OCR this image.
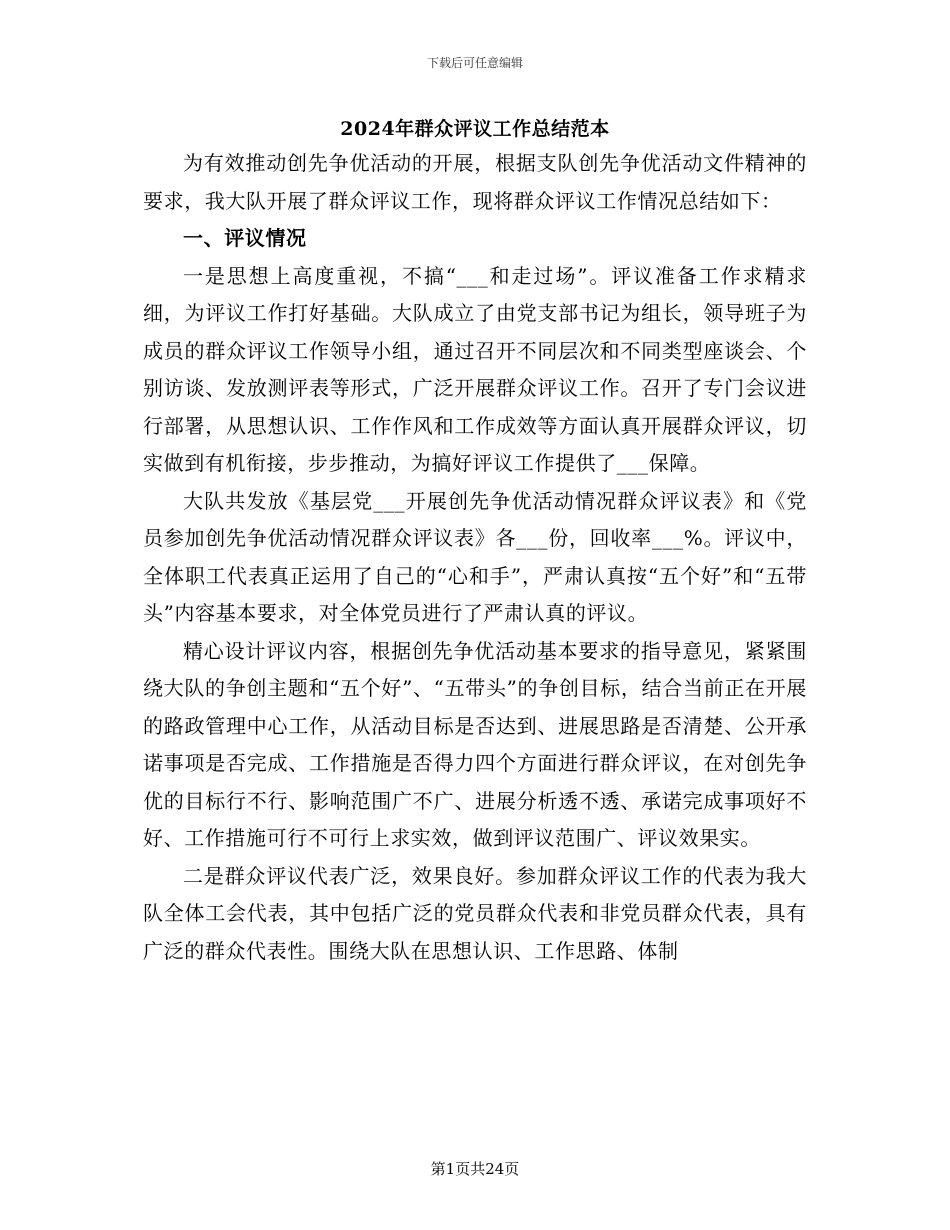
下载后可任意编辑
2024年群众评议工作总结范本

为有效推动创先争优活动的开展，根据支队创先争优活动文件精神的要求，我大队开展了群众评议工作，现将群众评议工作情况总结如下：

一、评议情况

一是思想上高度重视，不搞“___和走过场”。评议准备工作求精求细，为评议工作打好基础。大队成立了由党支部书记为组长，领导班子为成员的群众评议工作领导小组，通过召开不同层次和不同类型座谈会、个别访谈、发放测评表等形式，广泛开展群众评议工作。召开了专门会议进行部署，从思想认识、工作作风和工作成效等方面认真开展群众评议，切实做到有机衔接，步步推动，为搞好评议工作提供了___保障。

大队共发放《基层党___开展创先争优活动情况群众评议表》和《党员参加创先争优活动情况群众评议表》各___份，回收率___%。评议中，全体职工代表真正运用了自己的“心和手”，严肃认真按“五个好”和“五带头”内容基本要求，对全体党员进行了严肃认真的评议。

精心设计评议内容，根据创先争优活动基本要求的指导意见，紧紧围绕大队的争创主题和“五个好”、“五带头”的争创目标，结合当前正在开展的路政管理中心工作，从活动目标是否达到、进展思路是否清楚、公开承诺事项是否完成、工作措施是否得力四个方面进行群众评议，在对创先争优的目标行不行、影响范围广不广、进展分析透不透、承诺完成事项好不好、工作措施可行不可行上求实效，做到评议范围广、评议效果实。

二是群众评议代表广泛，效果良好。参加群众评议工作的代表为我大队全体工会代表，其中包括广泛的党员群众代表和非党员群众代表，具有广泛的群众代表性。围绕大队在思想认识、工作思路、体制

第1页共24页
